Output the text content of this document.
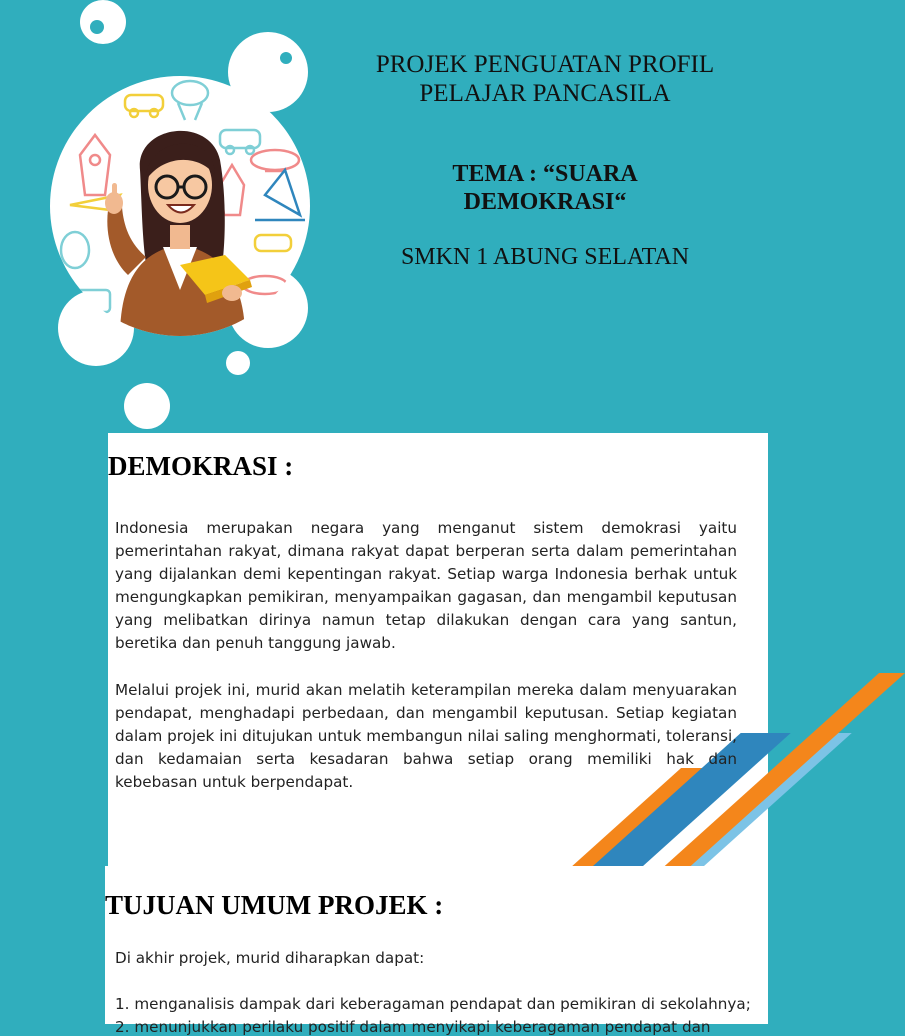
PROJEK PENGUATAN PROFIL
PELAJAR PANCASILA
TEMA : “SUARA
DEMOKRASI“
SMKN 1 ABUNG SELATAN
DEMOKRASI :
Indonesia merupakan negara yang menganut sistem demokrasi yaitu pemerintahan rakyat, dimana rakyat dapat berperan serta dalam pemerintahan yang dijalankan demi kepentingan rakyat. Setiap warga Indonesia berhak untuk mengungkapkan pemikiran, menyampaikan gagasan, dan mengambil keputusan yang melibatkan dirinya namun tetap dilakukan dengan cara yang santun, beretika dan penuh tanggung jawab.
Melalui projek ini, murid akan melatih keterampilan mereka dalam menyuarakan pendapat, menghadapi perbedaan, dan mengambil keputusan. Setiap kegiatan dalam projek ini ditujukan untuk membangun nilai saling menghormati, toleransi, dan kedamaian serta kesadaran bahwa setiap orang memiliki hak dan kebebasan untuk berpendapat.
TUJUAN UMUM PROJEK :
Di akhir projek, murid diharapkan dapat:
1. menganalisis dampak dari keberagaman pendapat dan pemikiran di sekolahnya;
2. menunjukkan perilaku positif dalam menyikapi keberagaman pendapat dan
